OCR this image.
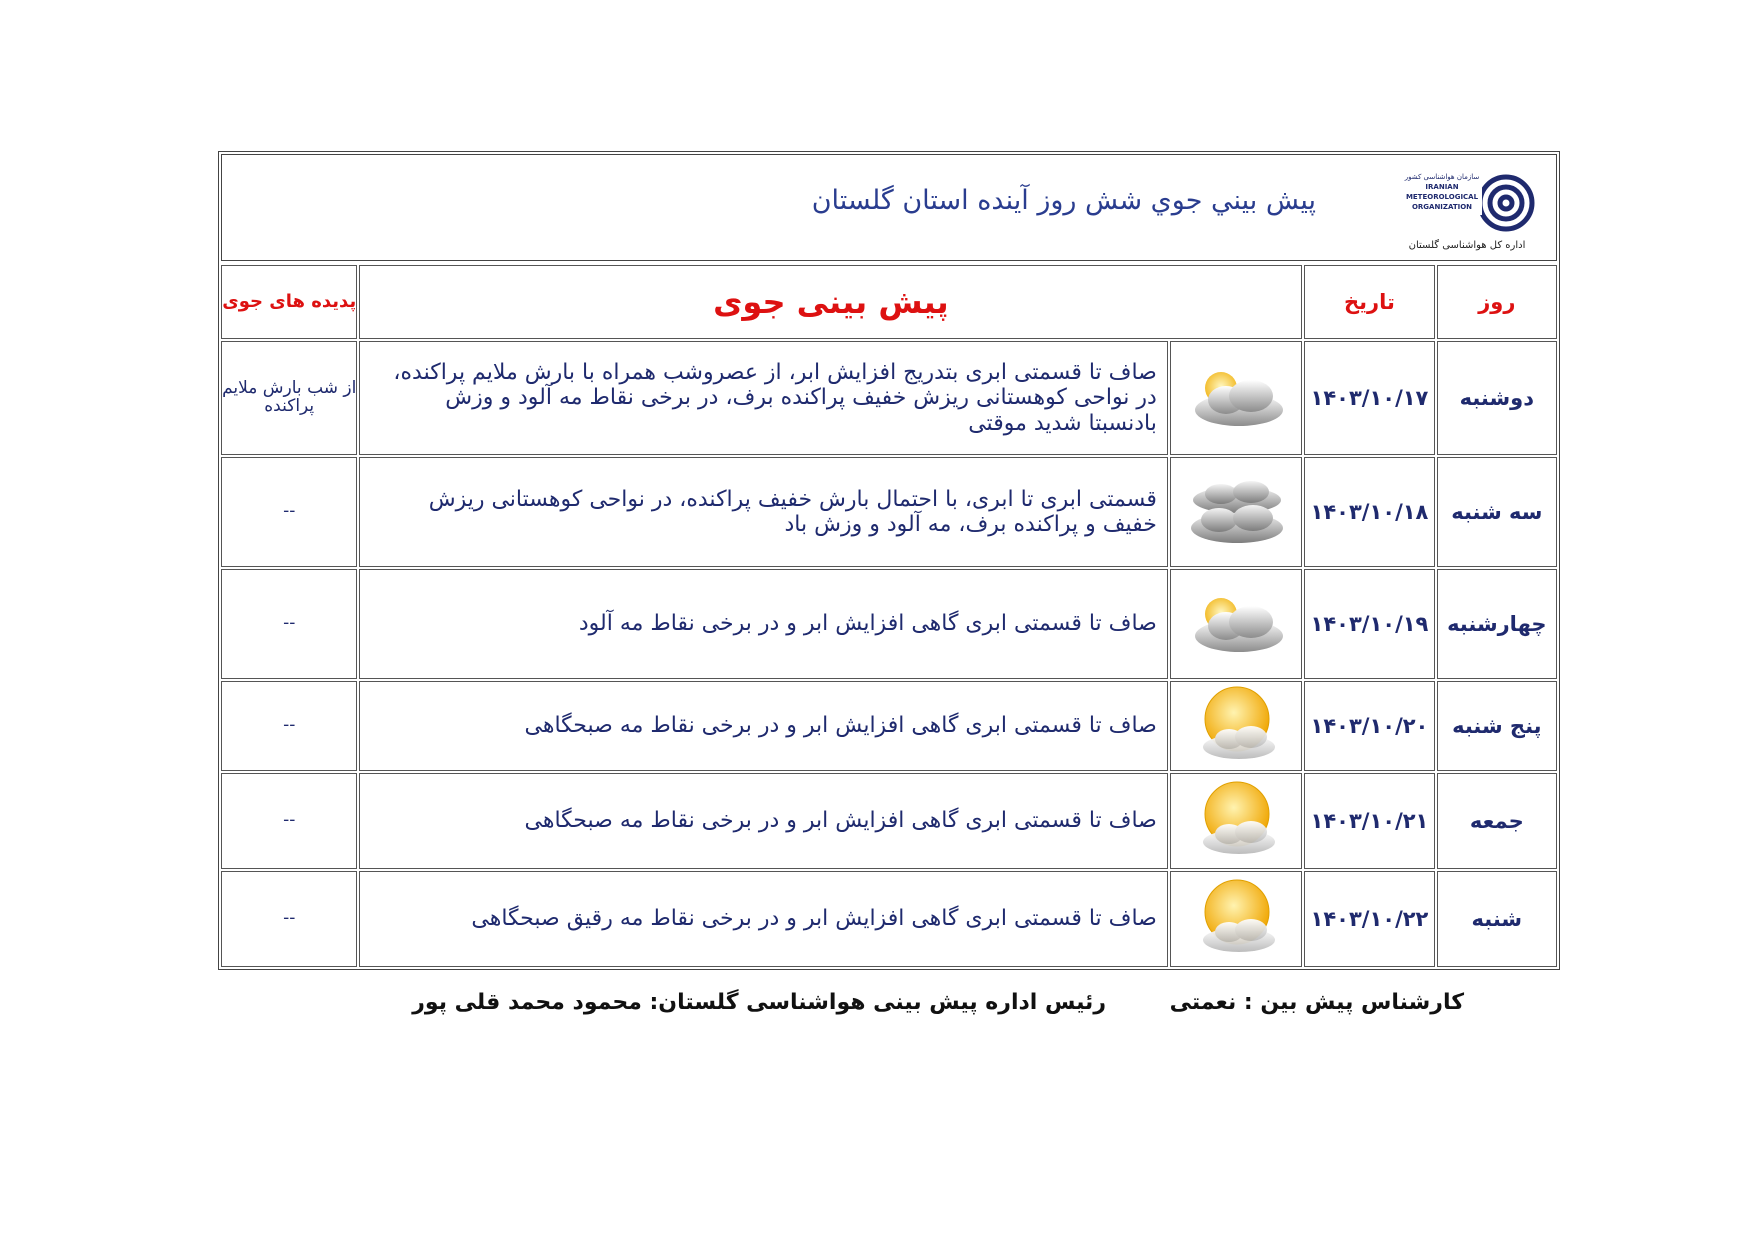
پيش بيني جوي شش روز آينده استان گلستان
سازمان هواشناسی کشور
IRANIAN
METEOROLOGICAL
ORGANIZATION
اداره کل هواشناسی گلستان
روز	تاریخ	پیش بینی جوی		پدیده های جوی
دوشنبه	۱۴۰۳/۱۰/۱۷		صاف تا قسمتی ابری بتدریج افزایش ابر، از عصروشب همراه با بارش ملایم پراکنده، در نواحی کوهستانی ریزش خفیف پراکنده برف، در برخی نقاط مه آلود و وزش بادنسبتا شدید موقتی	از شب بارش ملایم پراکنده
سه شنبه	۱۴۰۳/۱۰/۱۸		قسمتی ابری تا ابری، با احتمال بارش خفیف پراکنده، در نواحی کوهستانی ریزش خفیف و پراکنده برف، مه آلود و وزش باد	--
چهارشنبه	۱۴۰۳/۱۰/۱۹		صاف تا قسمتی ابری گاهی افزایش ابر و در برخی نقاط مه آلود	--
پنج شنبه	۱۴۰۳/۱۰/۲۰		صاف تا قسمتی ابری گاهی افزایش ابر و در برخی نقاط مه صبحگاهی	--
جمعه	۱۴۰۳/۱۰/۲۱		صاف تا قسمتی ابری گاهی افزایش ابر و در برخی نقاط مه صبحگاهی	--
شنبه	۱۴۰۳/۱۰/۲۲		صاف تا قسمتی ابری گاهی افزایش ابر و در برخی نقاط مه رقیق صبحگاهی	--
کارشناس پیش بین : نعمتی
رئیس اداره پیش بینی هواشناسی گلستان: محمود محمد قلی پور
